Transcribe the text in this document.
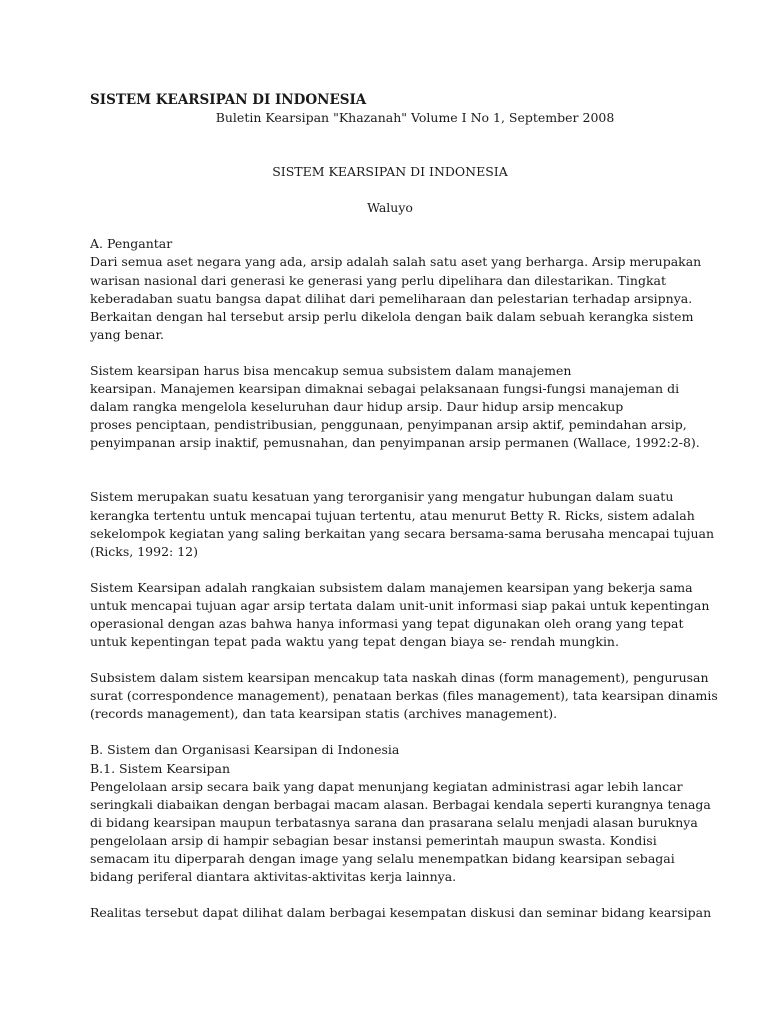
SISTEM KEARSIPAN DI INDONESIA

Buletin Kearsipan "Khazanah" Volume I No 1, September 2008

SISTEM KEARSIPAN DI INDONESIA

Waluyo

A. Pengantar

Dari semua aset negara yang ada, arsip adalah salah satu aset yang berharga. Arsip merupakan
warisan nasional dari generasi ke generasi yang perlu dipelihara dan dilestarikan. Tingkat
keberadaban suatu bangsa dapat dilihat dari pemeliharaan dan pelestarian terhadap arsipnya.
Berkaitan dengan hal tersebut arsip perlu dikelola dengan baik dalam sebuah kerangka sistem
yang benar.
Sistem kearsipan harus bisa mencakup semua subsistem dalam manajemen
kearsipan. Manajemen kearsipan dimaknai sebagai pelaksanaan fungsi-fungsi manajeman di
dalam rangka mengelola keseluruhan daur hidup arsip. Daur hidup arsip mencakup
proses penciptaan, pendistribusian, penggunaan, penyimpanan arsip aktif, pemindahan arsip,
penyimpanan arsip inaktif, pemusnahan, dan penyimpanan arsip permanen (Wallace, 1992:2-8).
Sistem merupakan suatu kesatuan yang terorganisir yang mengatur hubungan dalam suatu
kerangka tertentu untuk mencapai tujuan tertentu, atau menurut Betty R. Ricks, sistem adalah
sekelompok kegiatan yang saling berkaitan yang secara bersama-sama berusaha mencapai tujuan
(Ricks, 1992: 12)
Sistem Kearsipan adalah rangkaian subsistem dalam manajemen kearsipan yang bekerja sama
untuk mencapai tujuan agar arsip tertata dalam unit-unit informasi siap pakai untuk kepentingan
operasional dengan azas bahwa hanya informasi yang tepat digunakan oleh orang yang tepat
untuk kepentingan tepat pada waktu yang tepat dengan biaya se- rendah mungkin.
Subsistem dalam sistem kearsipan mencakup tata naskah dinas (form management), pengurusan
surat (correspondence management), penataan berkas (files management), tata kearsipan dinamis
(records management), dan tata kearsipan statis (archives management).

B. Sistem dan Organisasi Kearsipan di Indonesia

B.1. Sistem Kearsipan

Pengelolaan arsip secara baik yang dapat menunjang kegiatan administrasi agar lebih lancar
seringkali diabaikan dengan berbagai macam alasan. Berbagai kendala seperti kurangnya tenaga
di bidang kearsipan maupun terbatasnya sarana dan prasarana selalu menjadi alasan buruknya
pengelolaan arsip di hampir sebagian besar instansi pemerintah maupun swasta. Kondisi
semacam itu diperparah dengan image yang selalu menempatkan bidang kearsipan sebagai
bidang periferal diantara aktivitas-aktivitas kerja lainnya.
Realitas tersebut dapat dilihat dalam berbagai kesempatan diskusi dan seminar bidang kearsipan
